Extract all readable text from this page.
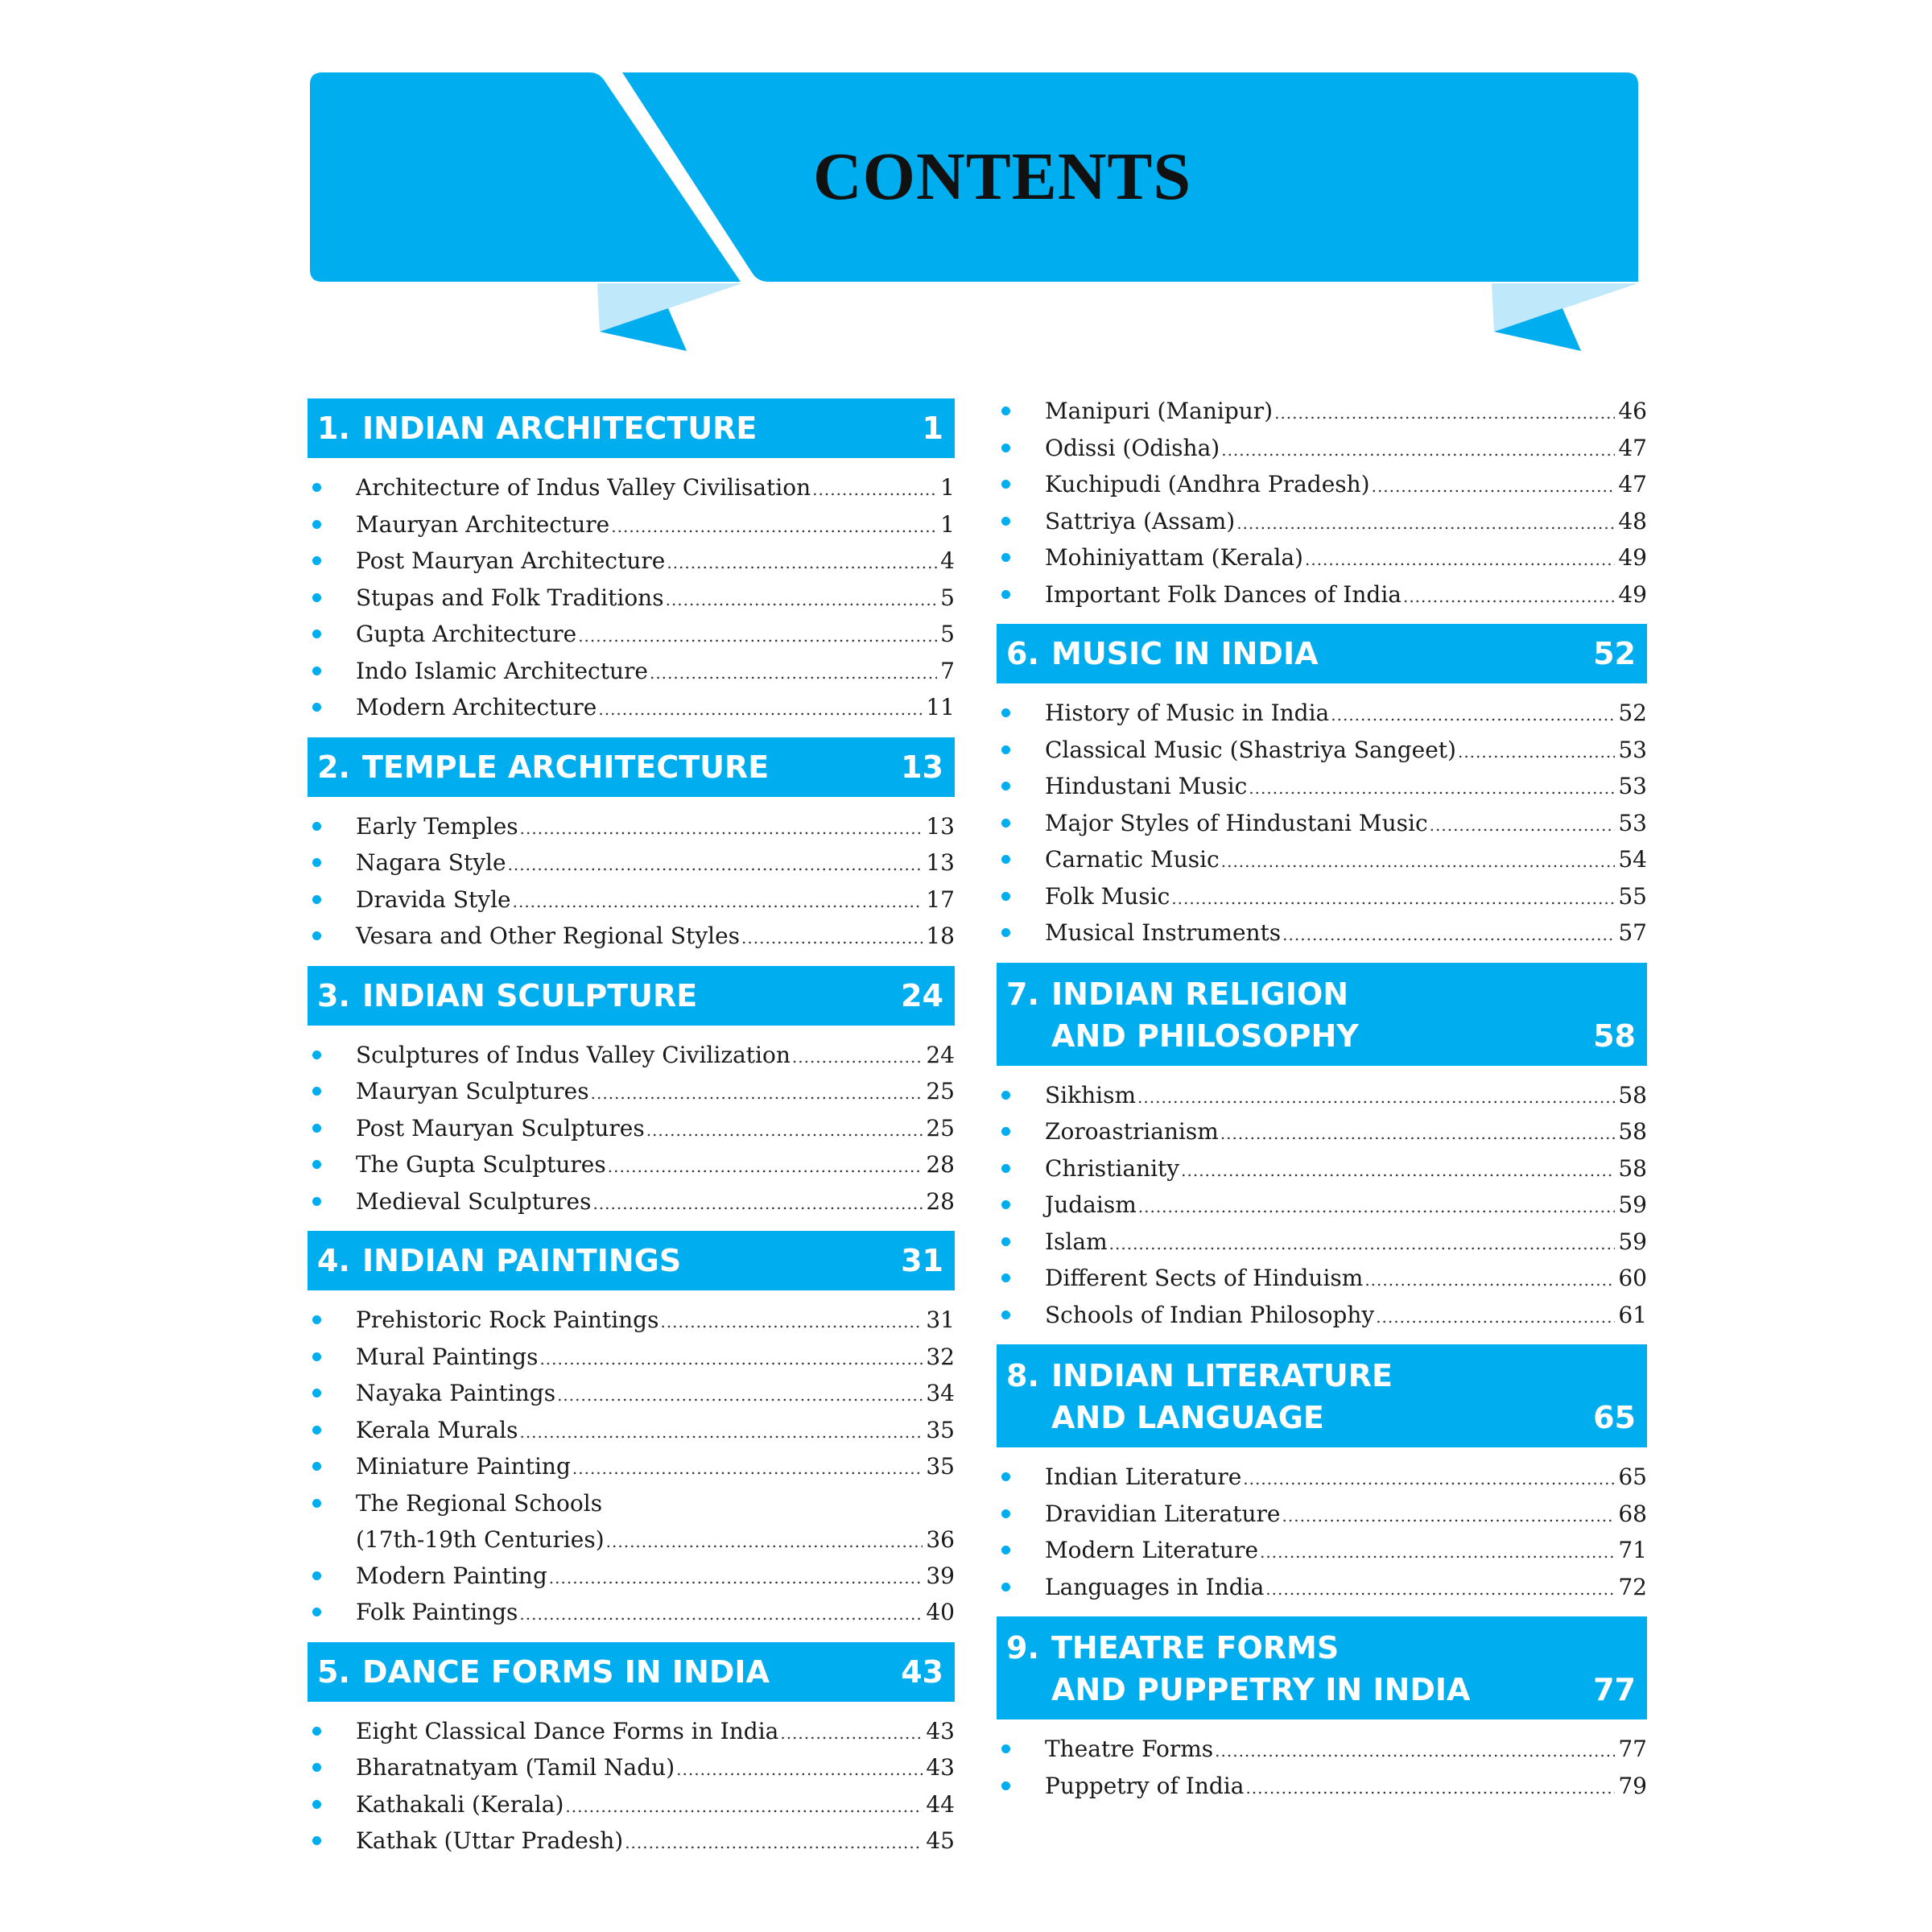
CONTENTS
1. INDIAN ARCHITECTURE	1
Architecture of Indus Valley Civilisation .....	1
Mauryan Architecture .....	1
Post Mauryan Architecture .....	4
Stupas and Folk Traditions .....	5
Gupta Architecture .....	5
Indo Islamic Architecture .....	7
Modern Architecture .....	11
2. TEMPLE ARCHITECTURE	13
Early Temples .....	13
Nagara Style .....	13
Dravida Style .....	17
Vesara and Other Regional Styles .....	18
3. INDIAN SCULPTURE	24
Sculptures of Indus Valley Civilization .....	24
Mauryan Sculptures .....	25
Post Mauryan Sculptures .....	25
The Gupta Sculptures .....	28
Medieval Sculptures .....	28
4. INDIAN PAINTINGS	31
Prehistoric Rock Paintings .....	31
Mural Paintings .....	32
Nayaka Paintings .....	34
Kerala Murals .....	35
Miniature Painting .....	35
The Regional Schools
(17th-19th Centuries) .....	36
Modern Painting .....	39
Folk Paintings .....	40
5. DANCE FORMS IN INDIA	43
Eight Classical Dance Forms in India .....	43
Bharatnatyam (Tamil Nadu) .....	43
Kathakali (Kerala) .....	44
Kathak (Uttar Pradesh) .....	45
Manipuri (Manipur) .....	46
Odissi (Odisha) .....	47
Kuchipudi (Andhra Pradesh) .....	47
Sattriya (Assam) .....	48
Mohiniyattam (Kerala) .....	49
Important Folk Dances of India .....	49
6. MUSIC IN INDIA	52
History of Music in India .....	52
Classical Music (Shastriya Sangeet) .....	53
Hindustani Music .....	53
Major Styles of Hindustani Music .....	53
Carnatic Music .....	54
Folk Music .....	55
Musical Instruments .....	57
7. INDIAN RELIGION
AND PHILOSOPHY	58
Sikhism .....	58
Zoroastrianism .....	58
Christianity .....	58
Judaism .....	59
Islam .....	59
Different Sects of Hinduism .....	60
Schools of Indian Philosophy .....	61
8. INDIAN LITERATURE
AND LANGUAGE	65
Indian Literature .....	65
Dravidian Literature .....	68
Modern Literature .....	71
Languages in India .....	72
9. THEATRE FORMS
AND PUPPETRY IN INDIA	77
Theatre Forms .....	77
Puppetry of India .....	79
